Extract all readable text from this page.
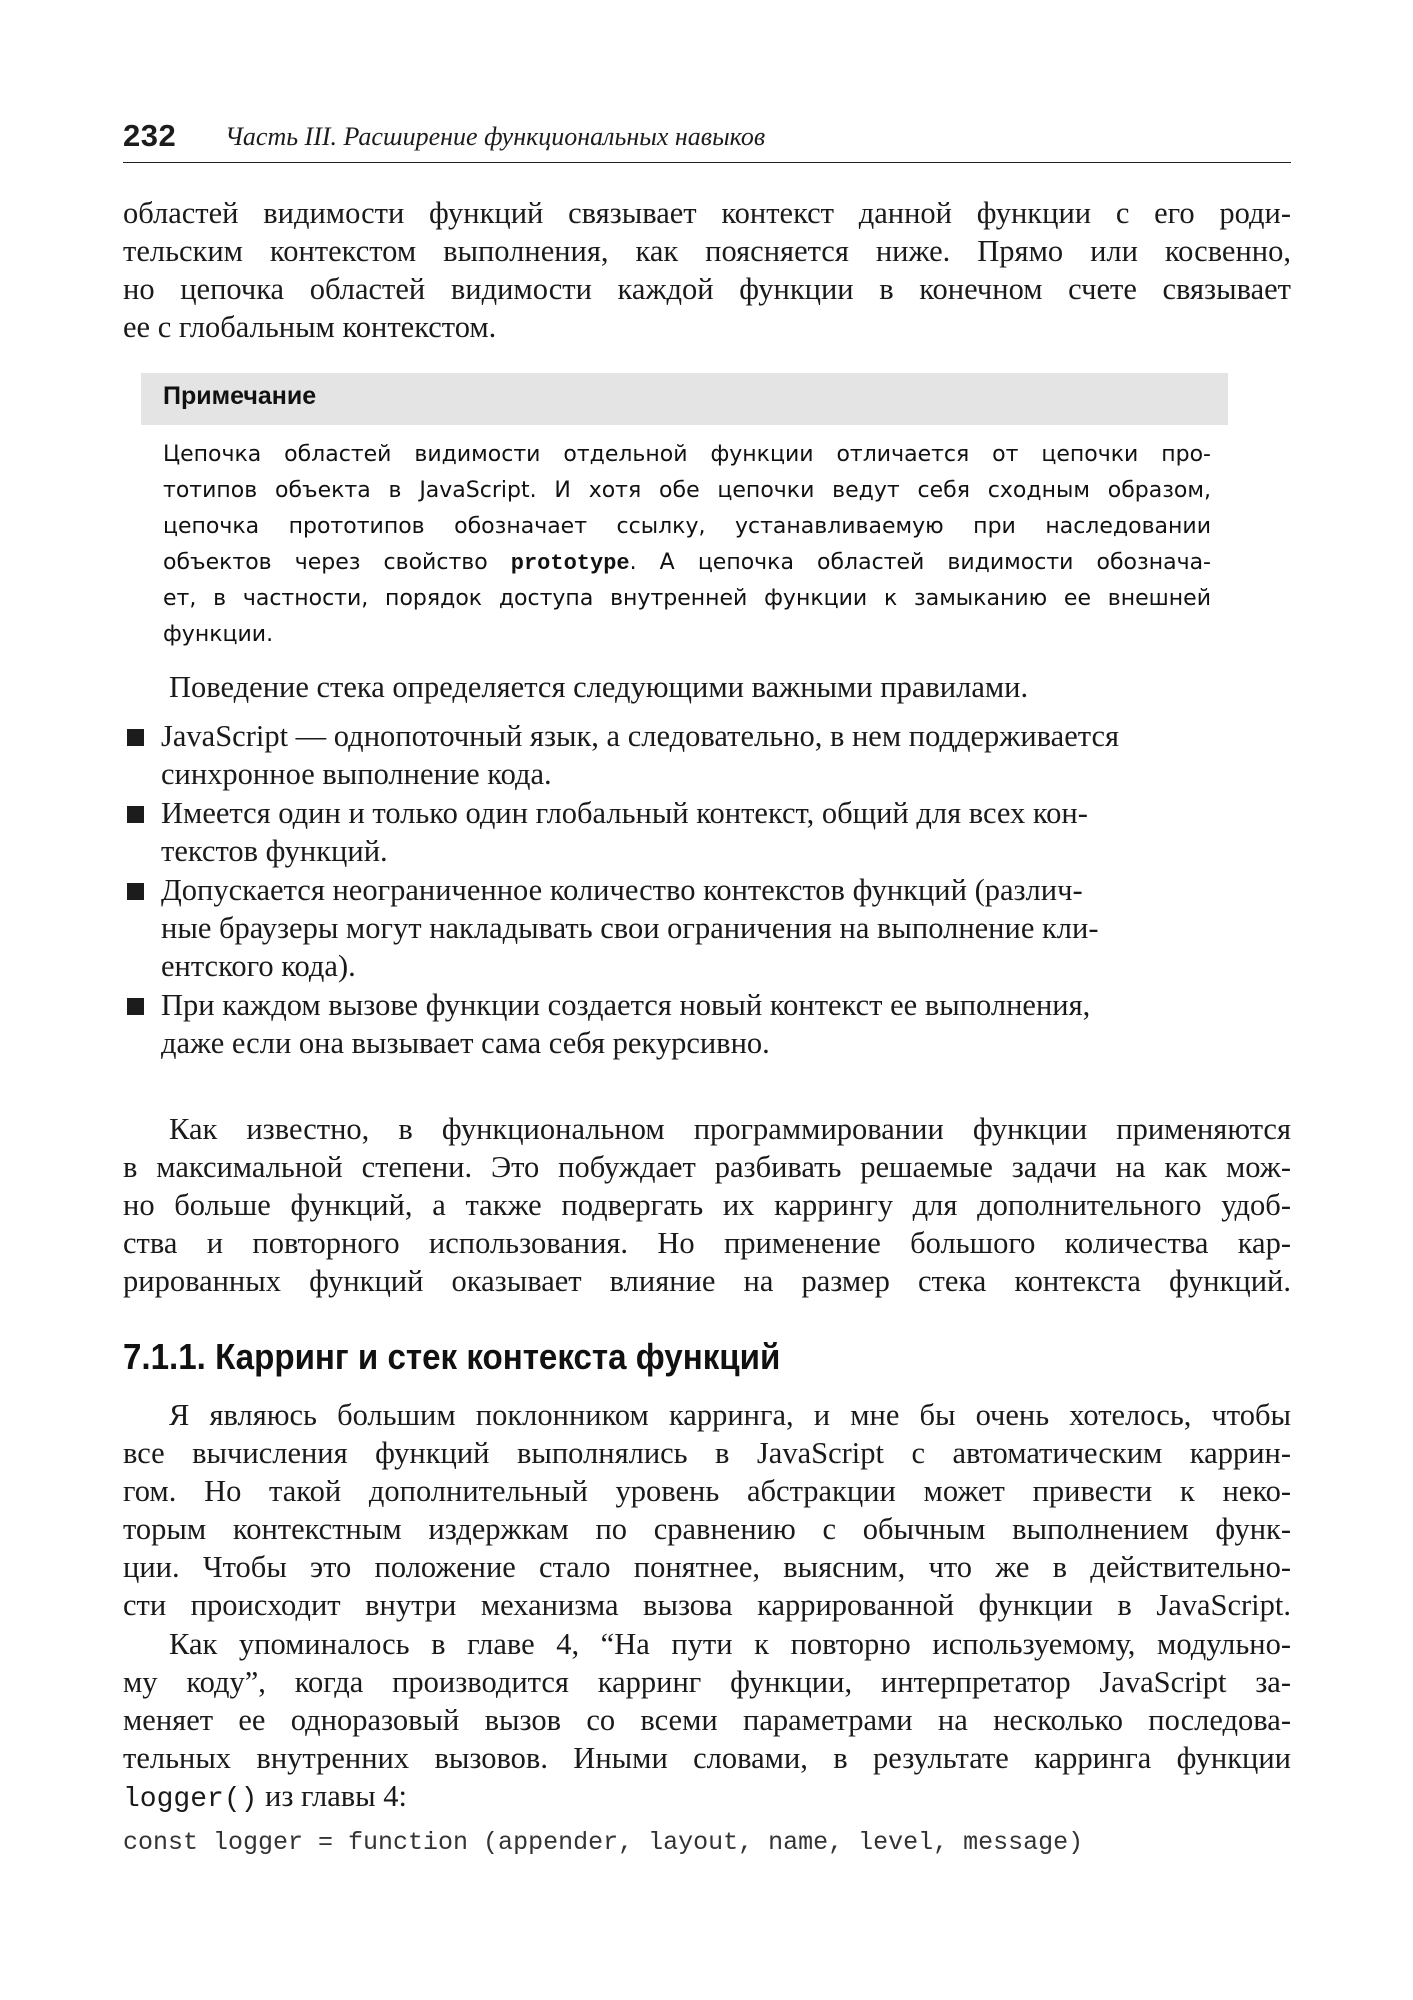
232 Часть III. Расширение функциональных навыков
областей видимости функций связывает контекст данной функции с его роди-
тельским контекстом выполнения, как поясняется ниже. Прямо или косвенно,
но цепочка областей видимости каждой функции в конечном счете связывает
ее с глобальным контекстом.
Примечание
Цепочка областей видимости отдельной функции отличается от цепочки про-
тотипов объекта в JavaScript. И хотя обе цепочки ведут себя сходным образом,
цепочка прототипов обозначает ссылку, устанавливаемую при наследовании
объектов через свойство prototype. А цепочка областей видимости обознача-
ет, в частности, порядок доступа внутренней функции к замыканию ее внешней
функции.
Поведение стека определяется следующими важными правилами.
JavaScript — однопоточный язык, а следовательно, в нем поддерживается
синхронное выполнение кода.
Имеется один и только один глобальный контекст, общий для всех кон-
текстов функций.
Допускается неограниченное количество контекстов функций (различ-
ные браузеры могут накладывать свои ограничения на выполнение кли-
ентского кода).
При каждом вызове функции создается новый контекст ее выполнения,
даже если она вызывает сама себя рекурсивно.
Как известно, в функциональном программировании функции применяются
в максимальной степени. Это побуждает разбивать решаемые задачи на как мож-
но больше функций, а также подвергать их каррингу для дополнительного удоб-
ства и повторного использования. Но применение большого количества кар-
рированных функций оказывает влияние на размер стека контекста функций.
7.1.1. Карринг и стек контекста функций
Я являюсь большим поклонником карринга, и мне бы очень хотелось, чтобы
все вычисления функций выполнялись в JavaScript с автоматическим каррин-
гом. Но такой дополнительный уровень абстракции может привести к неко-
торым контекстным издержкам по сравнению с обычным выполнением функ-
ции. Чтобы это положение стало понятнее, выясним, что же в действительно-
сти происходит внутри механизма вызова каррированной функции в JavaScript.
Как упоминалось в главе 4, “На пути к повторно используемому, модульно-
му коду”, когда производится карринг функции, интерпретатор JavaScript за-
меняет ее одноразовый вызов со всеми параметрами на несколько последова-
тельных внутренних вызовов. Иными словами, в результате карринга функции
logger() из главы 4:
const logger = function (appender, layout, name, level, message)
